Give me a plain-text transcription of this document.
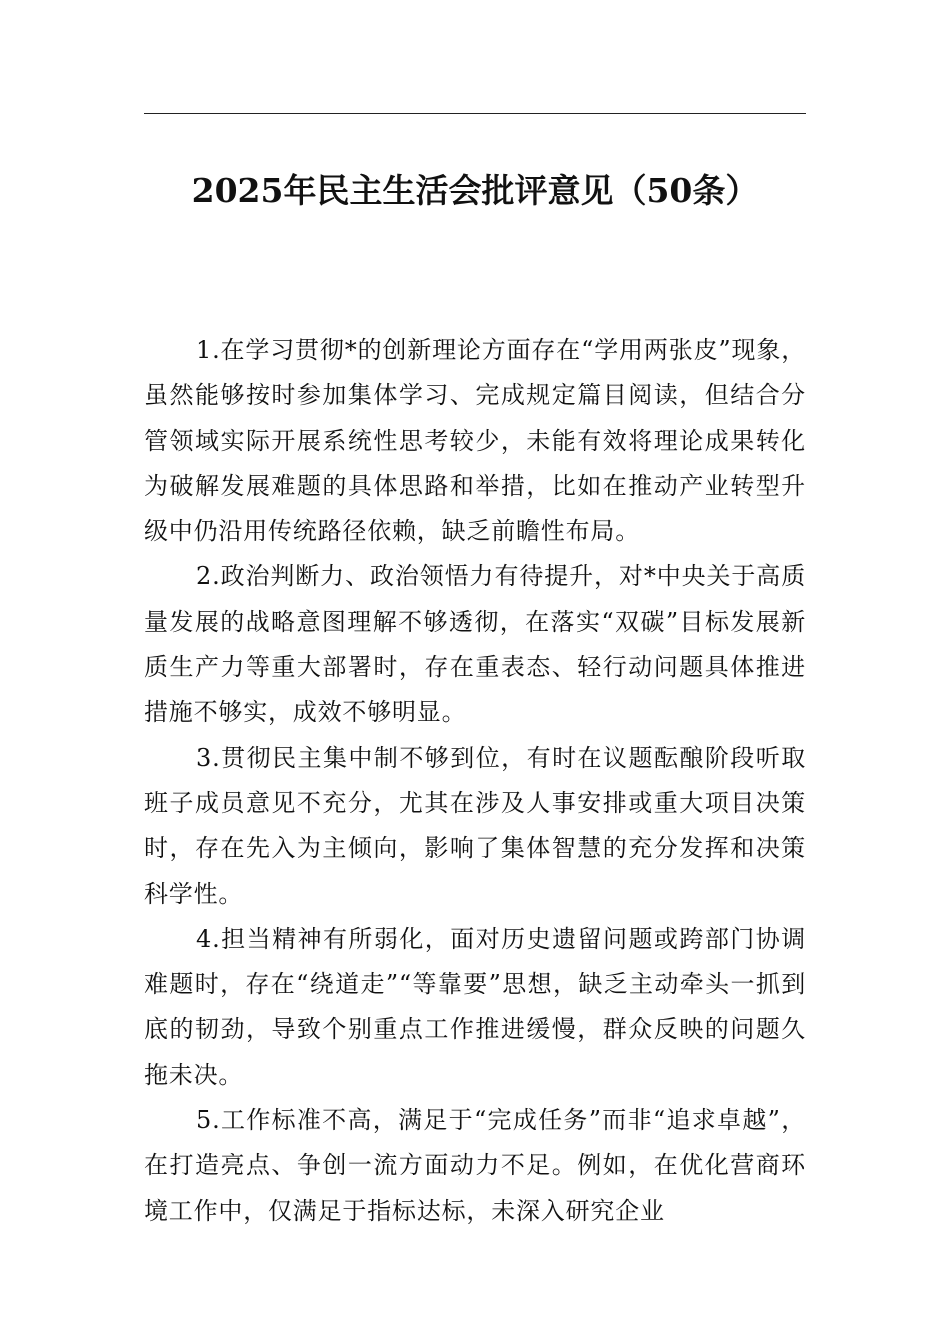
2025年民主生活会批评意见（50条）

1.在学习贯彻*的创新理论方面存在“学用两张皮”现象，虽然能够按时参加集体学习、完成规定篇目阅读，但结合分管领域实际开展系统性思考较少，未能有效将理论成果转化为破解发展难题的具体思路和举措，比如在推动产业转型升级中仍沿用传统路径依赖，缺乏前瞻性布局。

2.政治判断力、政治领悟力有待提升，对*中央关于高质量发展的战略意图理解不够透彻，在落实“双碳”目标发展新质生产力等重大部署时，存在重表态、轻行动问题具体推进措施不够实，成效不够明显。

3.贯彻民主集中制不够到位，有时在议题酝酿阶段听取班子成员意见不充分，尤其在涉及人事安排或重大项目决策时，存在先入为主倾向，影响了集体智慧的充分发挥和决策科学性。

4.担当精神有所弱化，面对历史遗留问题或跨部门协调难题时，存在“绕道走”“等靠要”思想，缺乏主动牵头一抓到底的韧劲，导致个别重点工作推进缓慢，群众反映的问题久拖未决。

5.工作标准不高，满足于“完成任务”而非“追求卓越”，在打造亮点、争创一流方面动力不足。例如，在优化营商环境工作中，仅满足于指标达标，未深入研究企业
